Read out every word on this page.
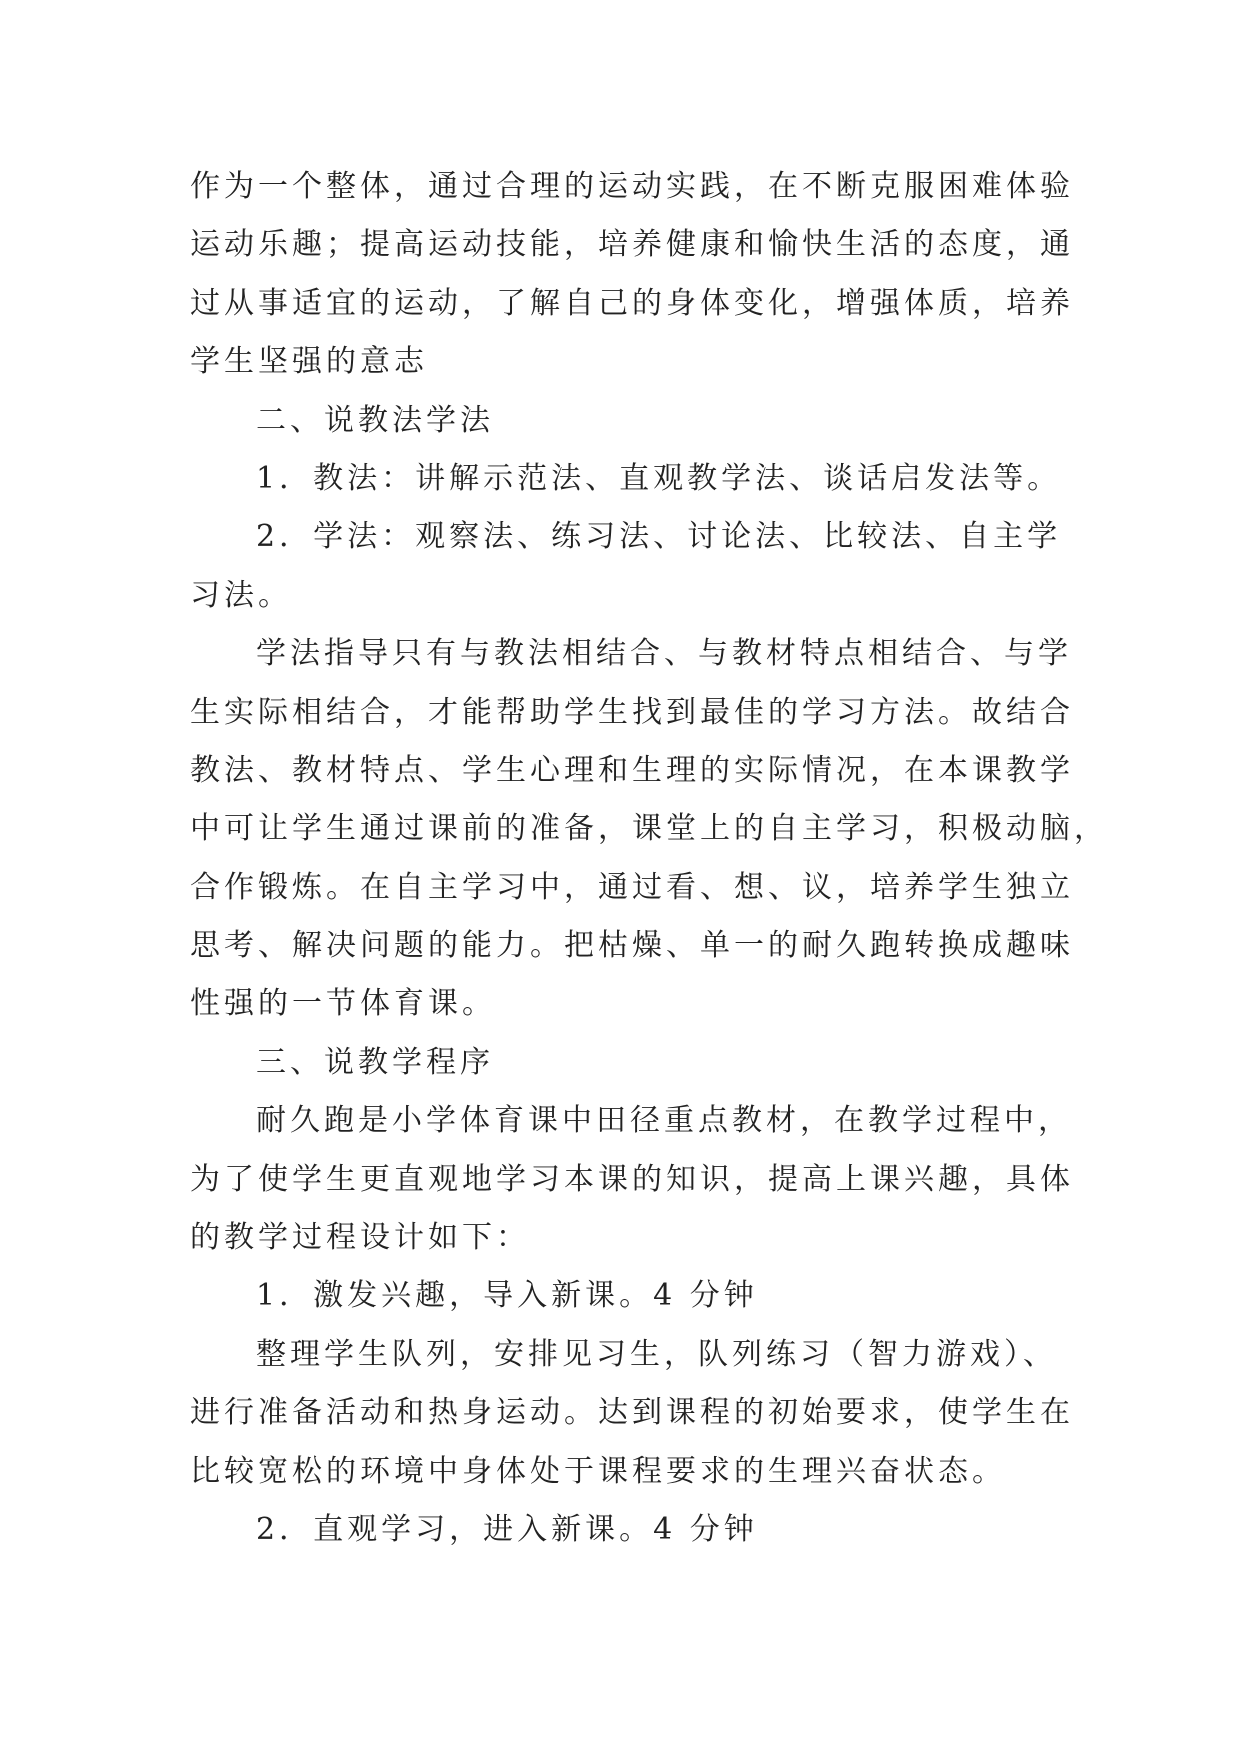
作为一个整体，通过合理的运动实践，在不断克服困难体验
运动乐趣；提高运动技能，培养健康和愉快生活的态度，通
过从事适宜的运动，了解自己的身体变化，增强体质，培养
学生坚强的意志
二、说教法学法
1．教法：讲解示范法、直观教学法、谈话启发法等。
2．学法：观察法、练习法、讨论法、比较法、自主学
习法。
学法指导只有与教法相结合、与教材特点相结合、与学
生实际相结合，才能帮助学生找到最佳的学习方法。故结合
教法、教材特点、学生心理和生理的实际情况，在本课教学
中可让学生通过课前的准备，课堂上的自主学习，积极动脑，
合作锻炼。在自主学习中，通过看、想、议，培养学生独立
思考、解决问题的能力。把枯燥、单一的耐久跑转换成趣味
性强的一节体育课。
三、说教学程序
耐久跑是小学体育课中田径重点教材，在教学过程中，
为了使学生更直观地学习本课的知识，提高上课兴趣，具体
的教学过程设计如下：
1．激发兴趣，导入新课。4 分钟
整理学生队列，安排见习生，队列练习（智力游戏）、
进行准备活动和热身运动。达到课程的初始要求，使学生在
比较宽松的环境中身体处于课程要求的生理兴奋状态。
2．直观学习，进入新课。4 分钟
